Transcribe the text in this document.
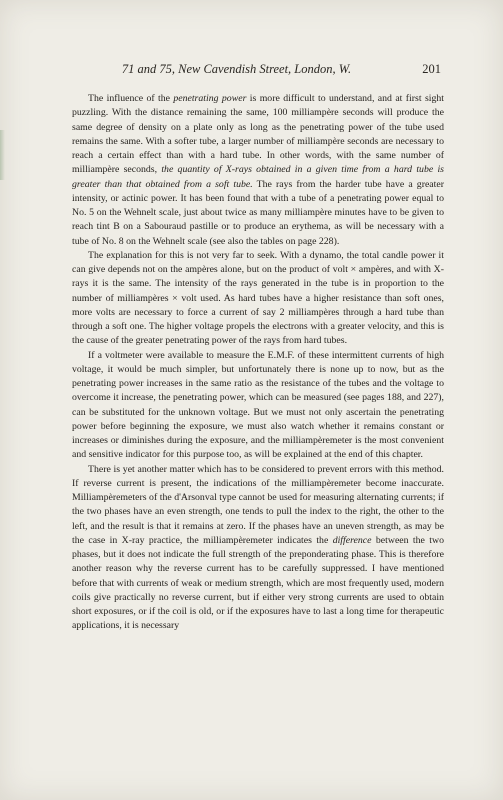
71 and 75, New Cavendish Street, London, W.	201

The influence of the penetrating power is more difficult to understand, and at first sight puzzling. With the distance remaining the same, 100 milliampère seconds will produce the same degree of density on a plate only as long as the penetrating power of the tube used remains the same. With a softer tube, a larger number of milliampère seconds are necessary to reach a certain effect than with a hard tube. In other words, with the same number of milliampère seconds, the quantity of X-rays obtained in a given time from a hard tube is greater than that obtained from a soft tube. The rays from the harder tube have a greater intensity, or actinic power. It has been found that with a tube of a penetrating power equal to No. 5 on the Wehnelt scale, just about twice as many milliampère minutes have to be given to reach tint B on a Sabouraud pastille or to produce an erythema, as will be necessary with a tube of No. 8 on the Wehnelt scale (see also the tables on page 228).

The explanation for this is not very far to seek. With a dynamo, the total candle power it can give depends not on the ampères alone, but on the product of volt × ampères, and with X-rays it is the same. The intensity of the rays generated in the tube is in proportion to the number of milliampères × volt used. As hard tubes have a higher resistance than soft ones, more volts are necessary to force a current of say 2 milliampères through a hard tube than through a soft one. The higher voltage propels the electrons with a greater velocity, and this is the cause of the greater penetrating power of the rays from hard tubes.

If a voltmeter were available to measure the E.M.F. of these intermittent currents of high voltage, it would be much simpler, but unfortunately there is none up to now, but as the penetrating power increases in the same ratio as the resistance of the tubes and the voltage to overcome it increase, the penetrating power, which can be measured (see pages 188, and 227), can be substituted for the unknown voltage. But we must not only ascertain the penetrating power before beginning the exposure, we must also watch whether it remains constant or increases or diminishes during the exposure, and the milliampèremeter is the most convenient and sensitive indicator for this purpose too, as will be explained at the end of this chapter.

There is yet another matter which has to be considered to prevent errors with this method. If reverse current is present, the indications of the milliampèremeter become inaccurate. Milliampèremeters of the d'Arsonval type cannot be used for measuring alternating currents; if the two phases have an even strength, one tends to pull the index to the right, the other to the left, and the result is that it remains at zero. If the phases have an uneven strength, as may be the case in X-ray practice, the milliampèremeter indicates the difference between the two phases, but it does not indicate the full strength of the preponderating phase. This is therefore another reason why the reverse current has to be carefully suppressed. I have mentioned before that with currents of weak or medium strength, which are most frequently used, modern coils give practically no reverse current, but if either very strong currents are used to obtain short exposures, or if the coil is old, or if the exposures have to last a long time for therapeutic applications, it is necessary
